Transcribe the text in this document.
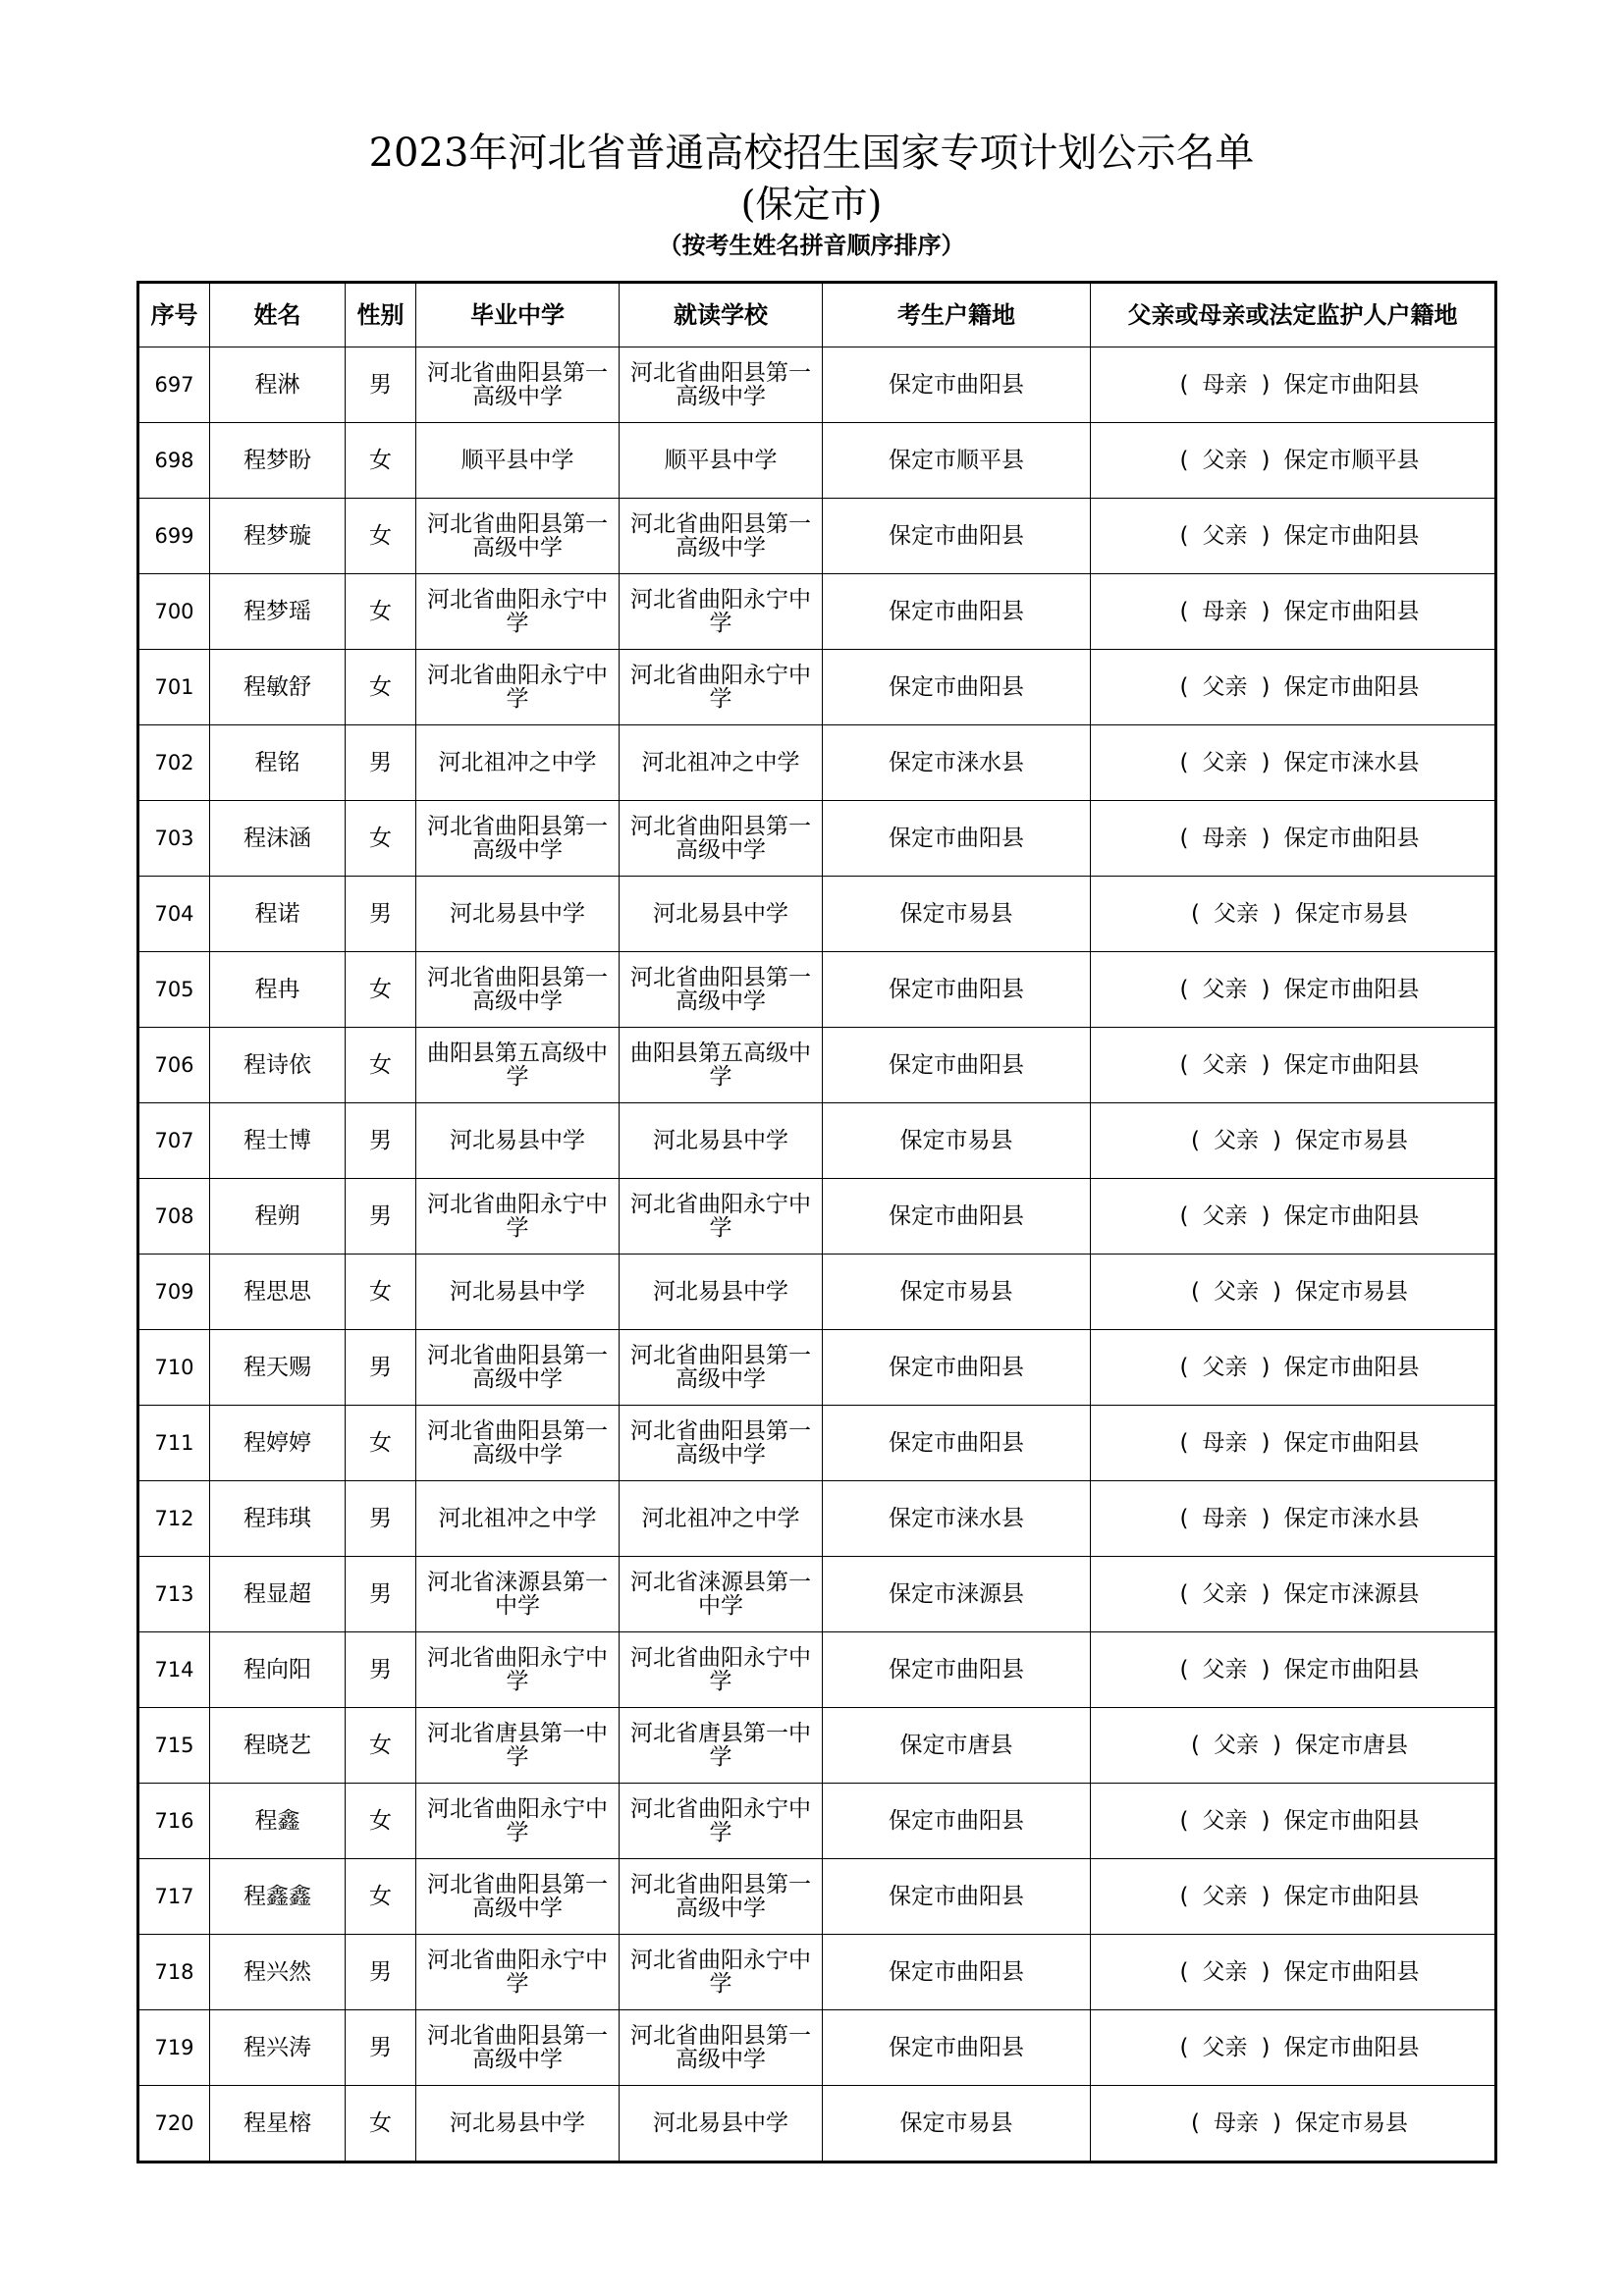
2023年河北省普通高校招生国家专项计划公示名单
(保定市)
（按考生姓名拼音顺序排序）
序号	姓名	性别	毕业中学	就读学校	考生户籍地	父亲或母亲或法定监护人户籍地
697	程淋	男	河北省曲阳县第一高级中学	河北省曲阳县第一高级中学	保定市曲阳县	( 母亲 ) 保定市曲阳县
698	程梦盼	女	顺平县中学	顺平县中学	保定市顺平县	( 父亲 ) 保定市顺平县
699	程梦璇	女	河北省曲阳县第一高级中学	河北省曲阳县第一高级中学	保定市曲阳县	( 父亲 ) 保定市曲阳县
700	程梦瑶	女	河北省曲阳永宁中学	河北省曲阳永宁中学	保定市曲阳县	( 母亲 ) 保定市曲阳县
701	程敏舒	女	河北省曲阳永宁中学	河北省曲阳永宁中学	保定市曲阳县	( 父亲 ) 保定市曲阳县
702	程铭	男	河北祖冲之中学	河北祖冲之中学	保定市涞水县	( 父亲 ) 保定市涞水县
703	程沫涵	女	河北省曲阳县第一高级中学	河北省曲阳县第一高级中学	保定市曲阳县	( 母亲 ) 保定市曲阳县
704	程诺	男	河北易县中学	河北易县中学	保定市易县	( 父亲 ) 保定市易县
705	程冉	女	河北省曲阳县第一高级中学	河北省曲阳县第一高级中学	保定市曲阳县	( 父亲 ) 保定市曲阳县
706	程诗依	女	曲阳县第五高级中学	曲阳县第五高级中学	保定市曲阳县	( 父亲 ) 保定市曲阳县
707	程士博	男	河北易县中学	河北易县中学	保定市易县	( 父亲 ) 保定市易县
708	程朔	男	河北省曲阳永宁中学	河北省曲阳永宁中学	保定市曲阳县	( 父亲 ) 保定市曲阳县
709	程思思	女	河北易县中学	河北易县中学	保定市易县	( 父亲 ) 保定市易县
710	程天赐	男	河北省曲阳县第一高级中学	河北省曲阳县第一高级中学	保定市曲阳县	( 父亲 ) 保定市曲阳县
711	程婷婷	女	河北省曲阳县第一高级中学	河北省曲阳县第一高级中学	保定市曲阳县	( 母亲 ) 保定市曲阳县
712	程玮琪	男	河北祖冲之中学	河北祖冲之中学	保定市涞水县	( 母亲 ) 保定市涞水县
713	程显超	男	河北省涞源县第一中学	河北省涞源县第一中学	保定市涞源县	( 父亲 ) 保定市涞源县
714	程向阳	男	河北省曲阳永宁中学	河北省曲阳永宁中学	保定市曲阳县	( 父亲 ) 保定市曲阳县
715	程晓艺	女	河北省唐县第一中学	河北省唐县第一中学	保定市唐县	( 父亲 ) 保定市唐县
716	程鑫	女	河北省曲阳永宁中学	河北省曲阳永宁中学	保定市曲阳县	( 父亲 ) 保定市曲阳县
717	程鑫鑫	女	河北省曲阳县第一高级中学	河北省曲阳县第一高级中学	保定市曲阳县	( 父亲 ) 保定市曲阳县
718	程兴然	男	河北省曲阳永宁中学	河北省曲阳永宁中学	保定市曲阳县	( 父亲 ) 保定市曲阳县
719	程兴涛	男	河北省曲阳县第一高级中学	河北省曲阳县第一高级中学	保定市曲阳县	( 父亲 ) 保定市曲阳县
720	程星榕	女	河北易县中学	河北易县中学	保定市易县	( 母亲 ) 保定市易县
